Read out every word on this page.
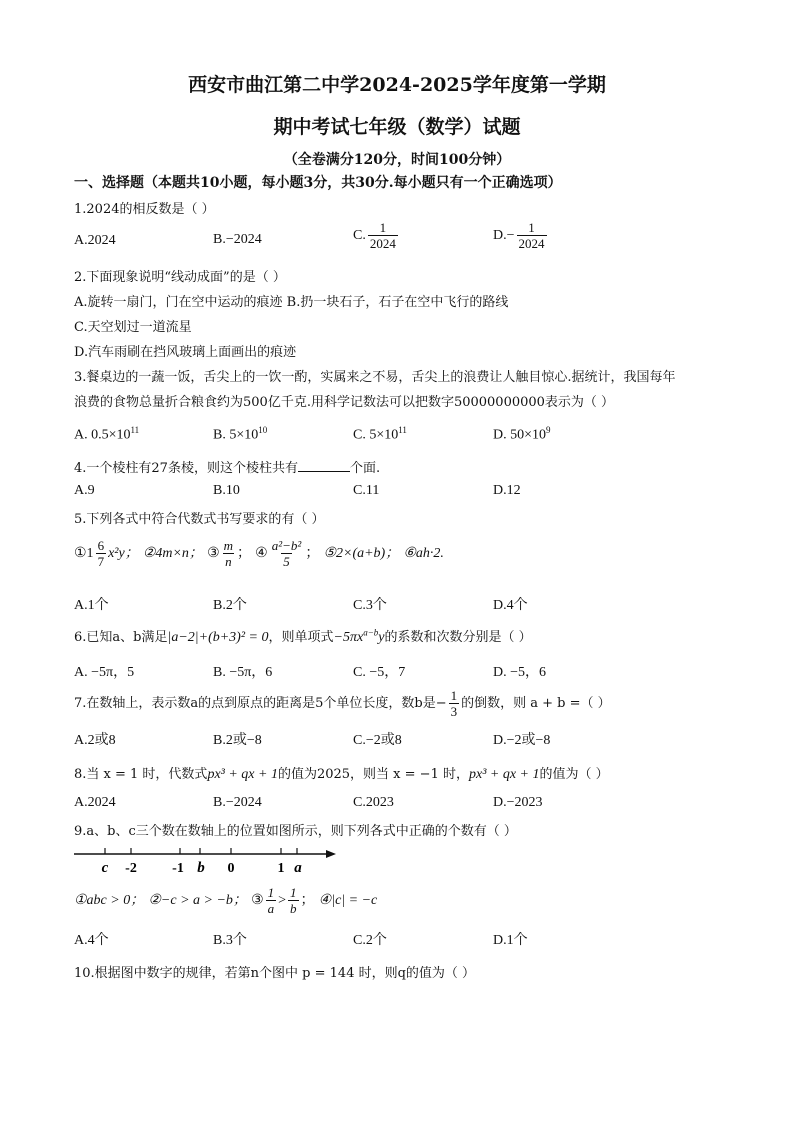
西安市曲江第二中学2024-2025学年度第一学期
期中考试七年级（数学）试题
（全卷满分120分，时间100分钟）
一、选择题（本题共10小题，每小题3分，共30分.每小题只有一个正确选项）
1.2024的相反数是（ ）
A.2024	B.−2024	C. $\frac{1}{2024}$	$D.- \frac{1}{2024}$
2.下面现象说明“线动成面”的是（ ）
A.旋转一扇门，门在空中运动的痕迹 B.扔一块石子，石子在空中飞行的路线
C.天空划过一道流星
D.汽车雨刷在挡风玻璃上面画出的痕迹
3.餐桌边的一蔬一饭，舌尖上的一饮一酌，实属来之不易，舌尖上的浪费让人触目惊心.据统计，我国每年
浪费的食物总量折合粮食约为500亿千克.用科学记数法可以把数字50000000000表示为（ ）
A. $0.5\times 10^{11}$	B. $5\times 10^{10}$	C. $5\times 10^{11}$	D. $50\times 10^9$
4.一个棱柱有27条棱，则这个棱柱共有	个面.
A.9	B.10	C.11	D.12
5.下列各式中符合代数式书写要求的有（ ）
①1 $\frac{6}{7} x^2y$； ②4m×n； ③ $\frac{m}{n}$ ； ④ $\frac{\text{a²−b²}}{5}$ ； ⑤2×(a+b)； ⑥ah·2.
A.1个	B.2个	C.3个	D.4个
6.已知a、b满足|a−2|+(b+3)² = 0，则单项式$-5\pi x^{a-b}y$的系数和次数分别是（ ）
A. −5π，5	B. −5π，6	C. −5，7	D. −5，6
7.在数轴上，表示数a的点到原点的距离是5个单位长度，数b是− $\frac{1}{3}$ 的倒数，则 a + b =（ ）
A.2或8	B.2或−8	C.−2或8	D.−2或−8
8.当 x = 1 时，代数式px³ + qx + 1的值为2025，则当 x = −1 时，px³ + qx + 1的值为（ ）
A.2024	B.−2024	C.2023	D.−2023
9.a、b、c三个数在数轴上的位置如图所示，则下列各式中正确的个数有（ ）
c -2	-1 b 0	1 a
①abc > 0； ②−c > a > −b； ③ $\frac{1}{a} > \frac{1}{b}$ ； ④|c| = −c
A.4个	B.3个	C.2个	D.1个
10.根据图中数字的规律，若第n个图中 p = 144 时，则q的值为（ ）
